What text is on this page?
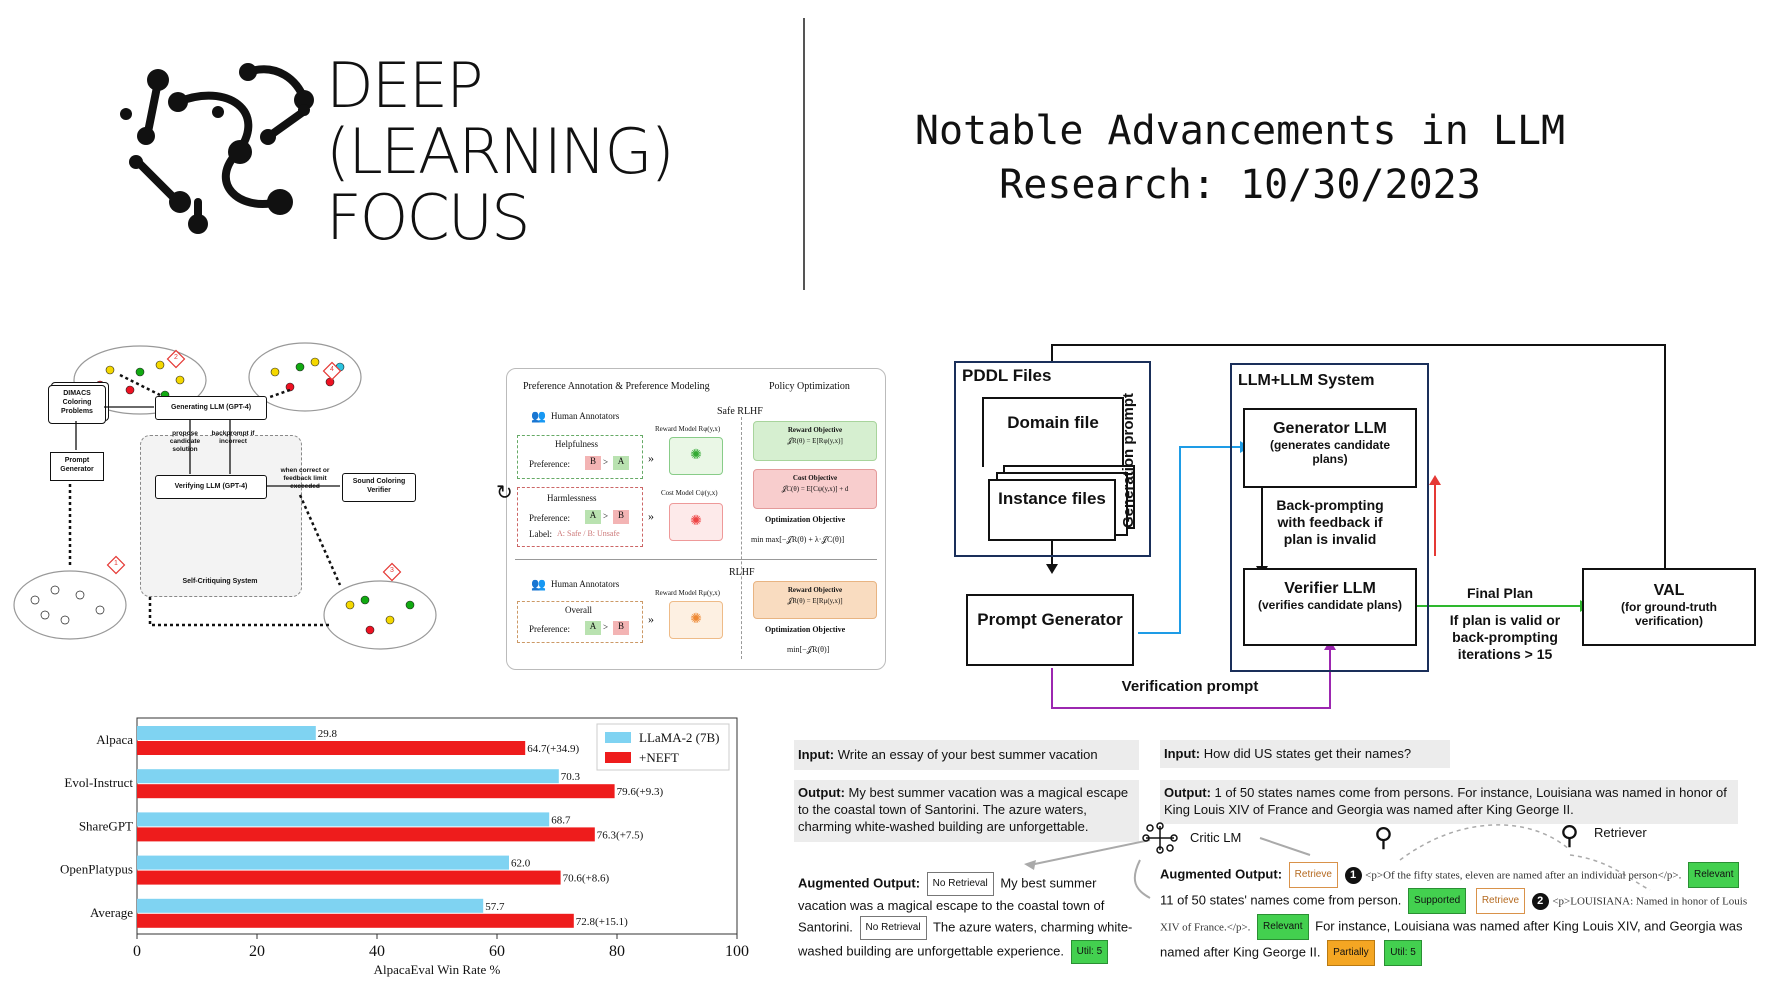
DEEP
(LEARNING)
FOCUS
Notable Advancements in LLM
Research: 10/30/2023
Self-Critiquing System
DIMACS Coloring Problems
Prompt Generator
Generating LLM (GPT-4)
Verifying LLM (GPT-4)
propose candidate solution
backprompt if incorrect
when correct or feedback limit exceeded
Sound Coloring Verifier
2
4
1
3
Preference Annotation & Preference Modeling	Policy Optimization
Safe RLHF
RLHF
👥 Human Annotators
Helpfulness
Preference:	B >	A
Harmlessness
Preference:	A >	B
Label: A: Safe / B: Unsafe
»
»
»
Reward Model Rφ(y,x)
✺
Cost Model Cψ(y,x)
✺
Reward Model Rμ(y,x)
✺
👥 Human Annotators
Overall
Preference:	A >	B
Reward Objective
𝒥R(θ) = E[Rφ(y,x)]
Cost Objective
𝒥C(θ) = E[Cψ(y,x)] + d
Optimization Objective
min max[−𝒥R(θ) + λ·𝒥C(θ)]
Reward Objective
𝒥R(θ) = E[Rμ(y,x)]
Optimization Objective
min[−𝒥R(θ)]
↻
PDDL Files
Domain file
Instance files
Prompt Generator
Generation prompt
LLM+LLM System
Generator LLM
(generates candidate plans)
Back-prompting with feedback if plan is invalid
Verifier LLM
(verifies candidate plans)
Final Plan
If plan is valid or back-prompting iterations > 15
VAL
(for ground-truth verification)
Verification prompt
29.8
64.7(+34.9)
Alpaca
70.3
79.6(+9.3)
Evol-Instruct
68.7
76.3(+7.5)
ShareGPT
62.0
70.6(+8.6)
OpenPlatypus
57.7
72.8(+15.1)
Average
0	20	40	60	80	100
AlpacaEval Win Rate %
LLaMA-2 (7B)
+NEFT	Input: Write an essay of your best summer vacation
Output: My best summer vacation was a magical escape to the coastal town of Santorini. The azure waters, charming white-washed building are unforgettable.
Augmented Output: No Retrieval My best summer vacation was a magical escape to the coastal town of Santorini. No Retrieval The azure waters, charming white-washed building are unforgettable experience. Util: 5
Input: How did US states get their names?
Output: 1 of 50 states names come from persons. For instance, Louisiana was named in honor of King Louis XIV of France and Georgia was named after King George II.
Critic LM	⚲	⚲ Retriever
Augmented Output: Retrieve 1 <p>Of the fifty states, eleven are named after an individual person</p>. Relevant 11 of 50 states' names come from person. Supported Retrieve 2 <p>LOUISIANA: Named in honor of Louis XIV of France.</p>. Relevant For instance, Louisiana was named after King Louis XIV, and Georgia was named after King George II. Partially Util: 5
